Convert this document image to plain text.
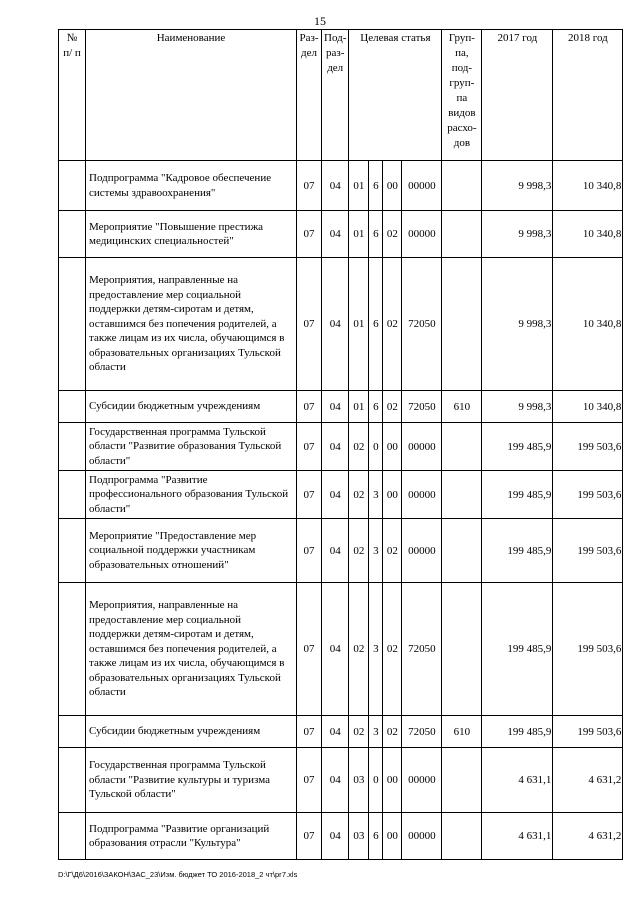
15
№ п/ п	Наименование	Раз-дел	Под-раз-дел	Целевая статья				Груп-па, под-груп-па видов расхо-дов	2017 год	2018 год
	Подпрограмма "Кадровое обеспечение системы здравоохранения"	07	04	01	6	00	00000		9 998,3	10 340,8
	Мероприятие "Повышение престижа медицинских специальностей"	07	04	01	6	02	00000		9 998,3	10 340,8
	Мероприятия, направленные на предоставление мер социальной поддержки детям-сиротам и детям, оставшимся без попечения родителей, а также лицам из их числа, обучающимся в образовательных организациях Тульской области	07	04	01	6	02	72050		9 998,3	10 340,8
	Субсидии бюджетным учреждениям	07	04	01	6	02	72050	610	9 998,3	10 340,8
	Государственная программа Тульской области "Развитие образования Тульской области"	07	04	02	0	00	00000		199 485,9	199 503,6
	Подпрограмма "Развитие профессионального образования Тульской области"	07	04	02	3	00	00000		199 485,9	199 503,6
	Мероприятие "Предоставление мер социальной поддержки участникам образовательных отношений"	07	04	02	3	02	00000		199 485,9	199 503,6
	Мероприятия, направленные на предоставление мер социальной поддержки детям-сиротам и детям, оставшимся без попечения родителей, а также лицам из их числа, обучающимся в образовательных организациях Тульской области	07	04	02	3	02	72050		199 485,9	199 503,6
	Субсидии бюджетным учреждениям	07	04	02	3	02	72050	610	199 485,9	199 503,6
	Государственная программа Тульской области "Развитие культуры и туризма Тульской области"	07	04	03	0	00	00000		4 631,1	4 631,2
	Подпрограмма "Развитие организаций образования отрасли "Культура"	07	04	03	6	00	00000		4 631,1	4 631,2
D:\Г\Д6\2016\ЗАКОН\ЗАС_23\Изм. бюджет ТО 2016-2018_2 чт\рг7.xls
